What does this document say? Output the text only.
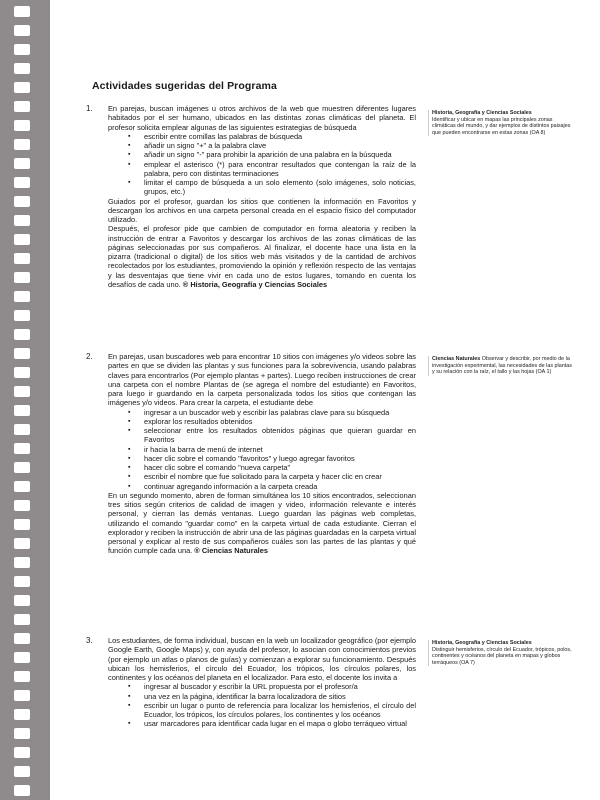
Actividades sugeridas del Programa
1.	En parejas, buscan imágenes u otros archivos de la web que muestren diferentes lugares habitados por el ser humano, ubicados en las distintas zonas climáticas del planeta. El profesor solicita emplear algunas de las siguientes estrategias de búsqueda

▪ escribir entre comillas las palabras de búsqueda
▪ añadir un signo "+" a la palabra clave
▪ añadir un signo "-" para prohibir la aparición de una palabra en la búsqueda
▪ emplear el asterisco (*) para encontrar resultados que contengan la raíz de la palabra, pero con distintas terminaciones
▪ limitar el campo de búsqueda a un solo elemento (solo imágenes, solo noticias, grupos, etc.)

Guiados por el profesor, guardan los sitios que contienen la información en Favoritos y descargan los archivos en una carpeta personal creada en el espacio físico del computador utilizado.

Después, el profesor pide que cambien de computador en forma aleatoria y reciben la instrucción de entrar a Favoritos y descargar los archivos de las zonas climáticas de las páginas seleccionadas por sus compañeros. Al finalizar, el docente hace una lista en la pizarra (tradicional o digital) de los sitios web más visitados y de la cantidad de archivos recolectados por los estudiantes, promoviendo la opinión y reflexión respecto de las ventajas y las desventajas que tiene vivir en cada uno de estos lugares, tomando en cuenta los desafíos de cada uno. ® Historia, Geografía y Ciencias Sociales

Historia, Geografía y Ciencias Sociales
Identificar y ubicar en mapas las principales zonas climáticas del mundo, y dar ejemplos de distintos paisajes que pueden encontrarse en estas zonas (OA 8)
2.	En parejas, usan buscadores web para encontrar 10 sitios con imágenes y/o videos sobre las partes en que se dividen las plantas y sus funciones para la sobrevivencia, usando palabras claves para encontrarlos (Por ejemplo plantas + partes). Luego reciben instrucciones de crear una carpeta con el nombre Plantas de (se agrega el nombre del estudiante) en Favoritos, para luego ir guardando en la carpeta personalizada todos los sitios que contengan las imágenes y/o videos. Para crear la carpeta, el estudiante debe

▪ ingresar a un buscador web y escribir las palabras clave para su búsqueda
▪ explorar los resultados obtenidos
▪ seleccionar entre los resultados obtenidos páginas que quieran guardar en Favoritos
▪ ir hacia la barra de menú de internet
▪ hacer clic sobre el comando "favoritos" y luego agregar favoritos
▪ hacer clic sobre el comando "nueva carpeta"
▪ escribir el nombre que fue solicitado para la carpeta y hacer clic en crear
▪ continuar agregando información a la carpeta creada

En un segundo momento, abren de forman simultánea los 10 sitios encontrados, seleccionan tres sitios según criterios de calidad de imagen y video, información relevante e interés personal, y cierran las demás ventanas. Luego guardan las páginas web completas, utilizando el comando "guardar como" en la carpeta virtual de cada estudiante. Cierran el explorador y reciben la instrucción de abrir una de las páginas guardadas en la carpeta virtual personal y explicar al resto de sus compañeros cuáles son las partes de las plantas y qué función cumple cada una. ® Ciencias Naturales

Ciencias Naturales Observar y describir, por medio de la investigación experimental, las necesidades de las plantas y su relación con la raíz, el tallo y las hojas (OA 1)
3.	Los estudiantes, de forma individual, buscan en la web un localizador geográfico (por ejemplo Google Earth, Google Maps) y, con ayuda del profesor, lo asocian con conocimientos previos (por ejemplo un atlas o planos de guías) y comienzan a explorar su funcionamiento. Después ubican los hemisferios, el círculo del Ecuador, los trópicos, los círculos polares, los continentes y los océanos del planeta en el localizador. Para esto, el docente los invita a

▪ ingresar al buscador y escribir la URL propuesta por el profesor/a
▪ una vez en la página, identificar la barra localizadora de sitios
▪ escribir un lugar o punto de referencia para localizar los hemisferios, el círculo del Ecuador, los trópicos, los círculos polares, los continentes y los océanos
▪ usar marcadores para identificar cada lugar en el mapa o globo terráqueo virtual
Historia, Geografía y Ciencias Sociales
Distinguir hemisferios, círculo del Ecuador, trópicos, polos, continentes y océanos del planeta en mapas y globos terráqueos (OA 7)
